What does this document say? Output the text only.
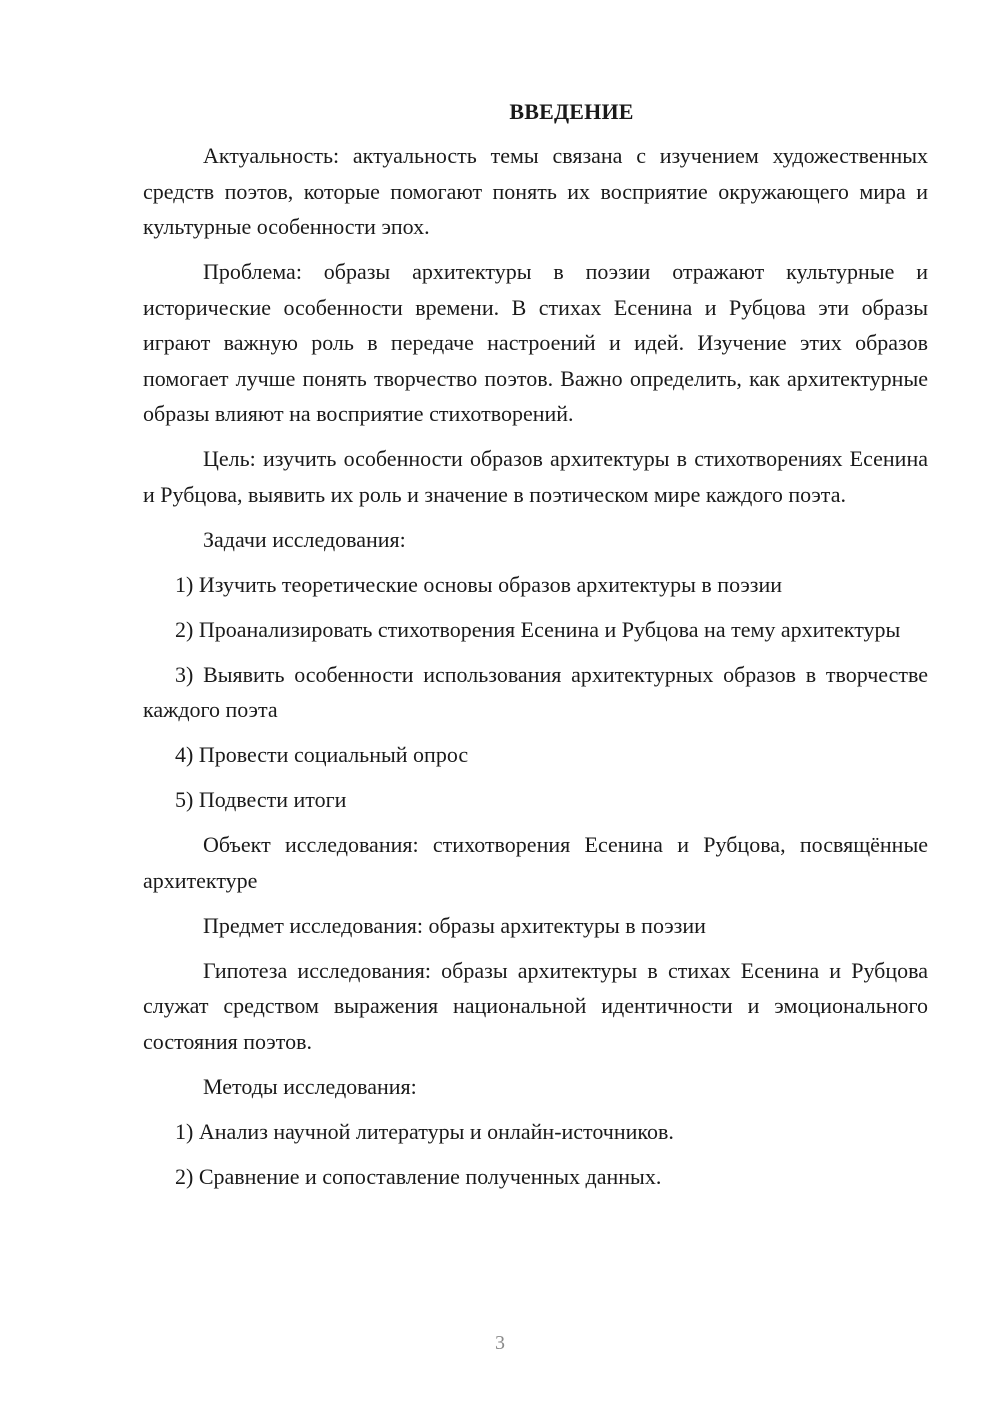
ВВЕДЕНИЕ

Актуальность: актуальность темы связана с изучением художественных средств поэтов, которые помогают понять их восприятие окружающего мира и культурные особенности эпох.

Проблема: образы архитектуры в поэзии отражают культурные и исторические особенности времени. В стихах Есенина и Рубцова эти образы играют важную роль в передаче настроений и идей. Изучение этих образов помогает лучше понять творчество поэтов. Важно определить, как архитектурные образы влияют на восприятие стихотворений.

Цель: изучить особенности образов архитектуры в стихотворениях Есенина и Рубцова, выявить их роль и значение в поэтическом мире каждого поэта.

Задачи исследования:

1) Изучить теоретические основы образов архитектуры в поэзии

2) Проанализировать стихотворения Есенина и Рубцова на тему архитектуры

3) Выявить особенности использования архитектурных образов в творчестве каждого поэта

4) Провести социальный опрос

5) Подвести итоги

Объект исследования: стихотворения Есенина и Рубцова, посвящённые архитектуре

Предмет исследования: образы архитектуры в поэзии

Гипотеза исследования: образы архитектуры в стихах Есенина и Рубцова служат средством выражения национальной идентичности и эмоционального состояния поэтов.

Методы исследования:

1) Анализ научной литературы и онлайн-источников.

2) Сравнение и сопоставление полученных данных.

3
